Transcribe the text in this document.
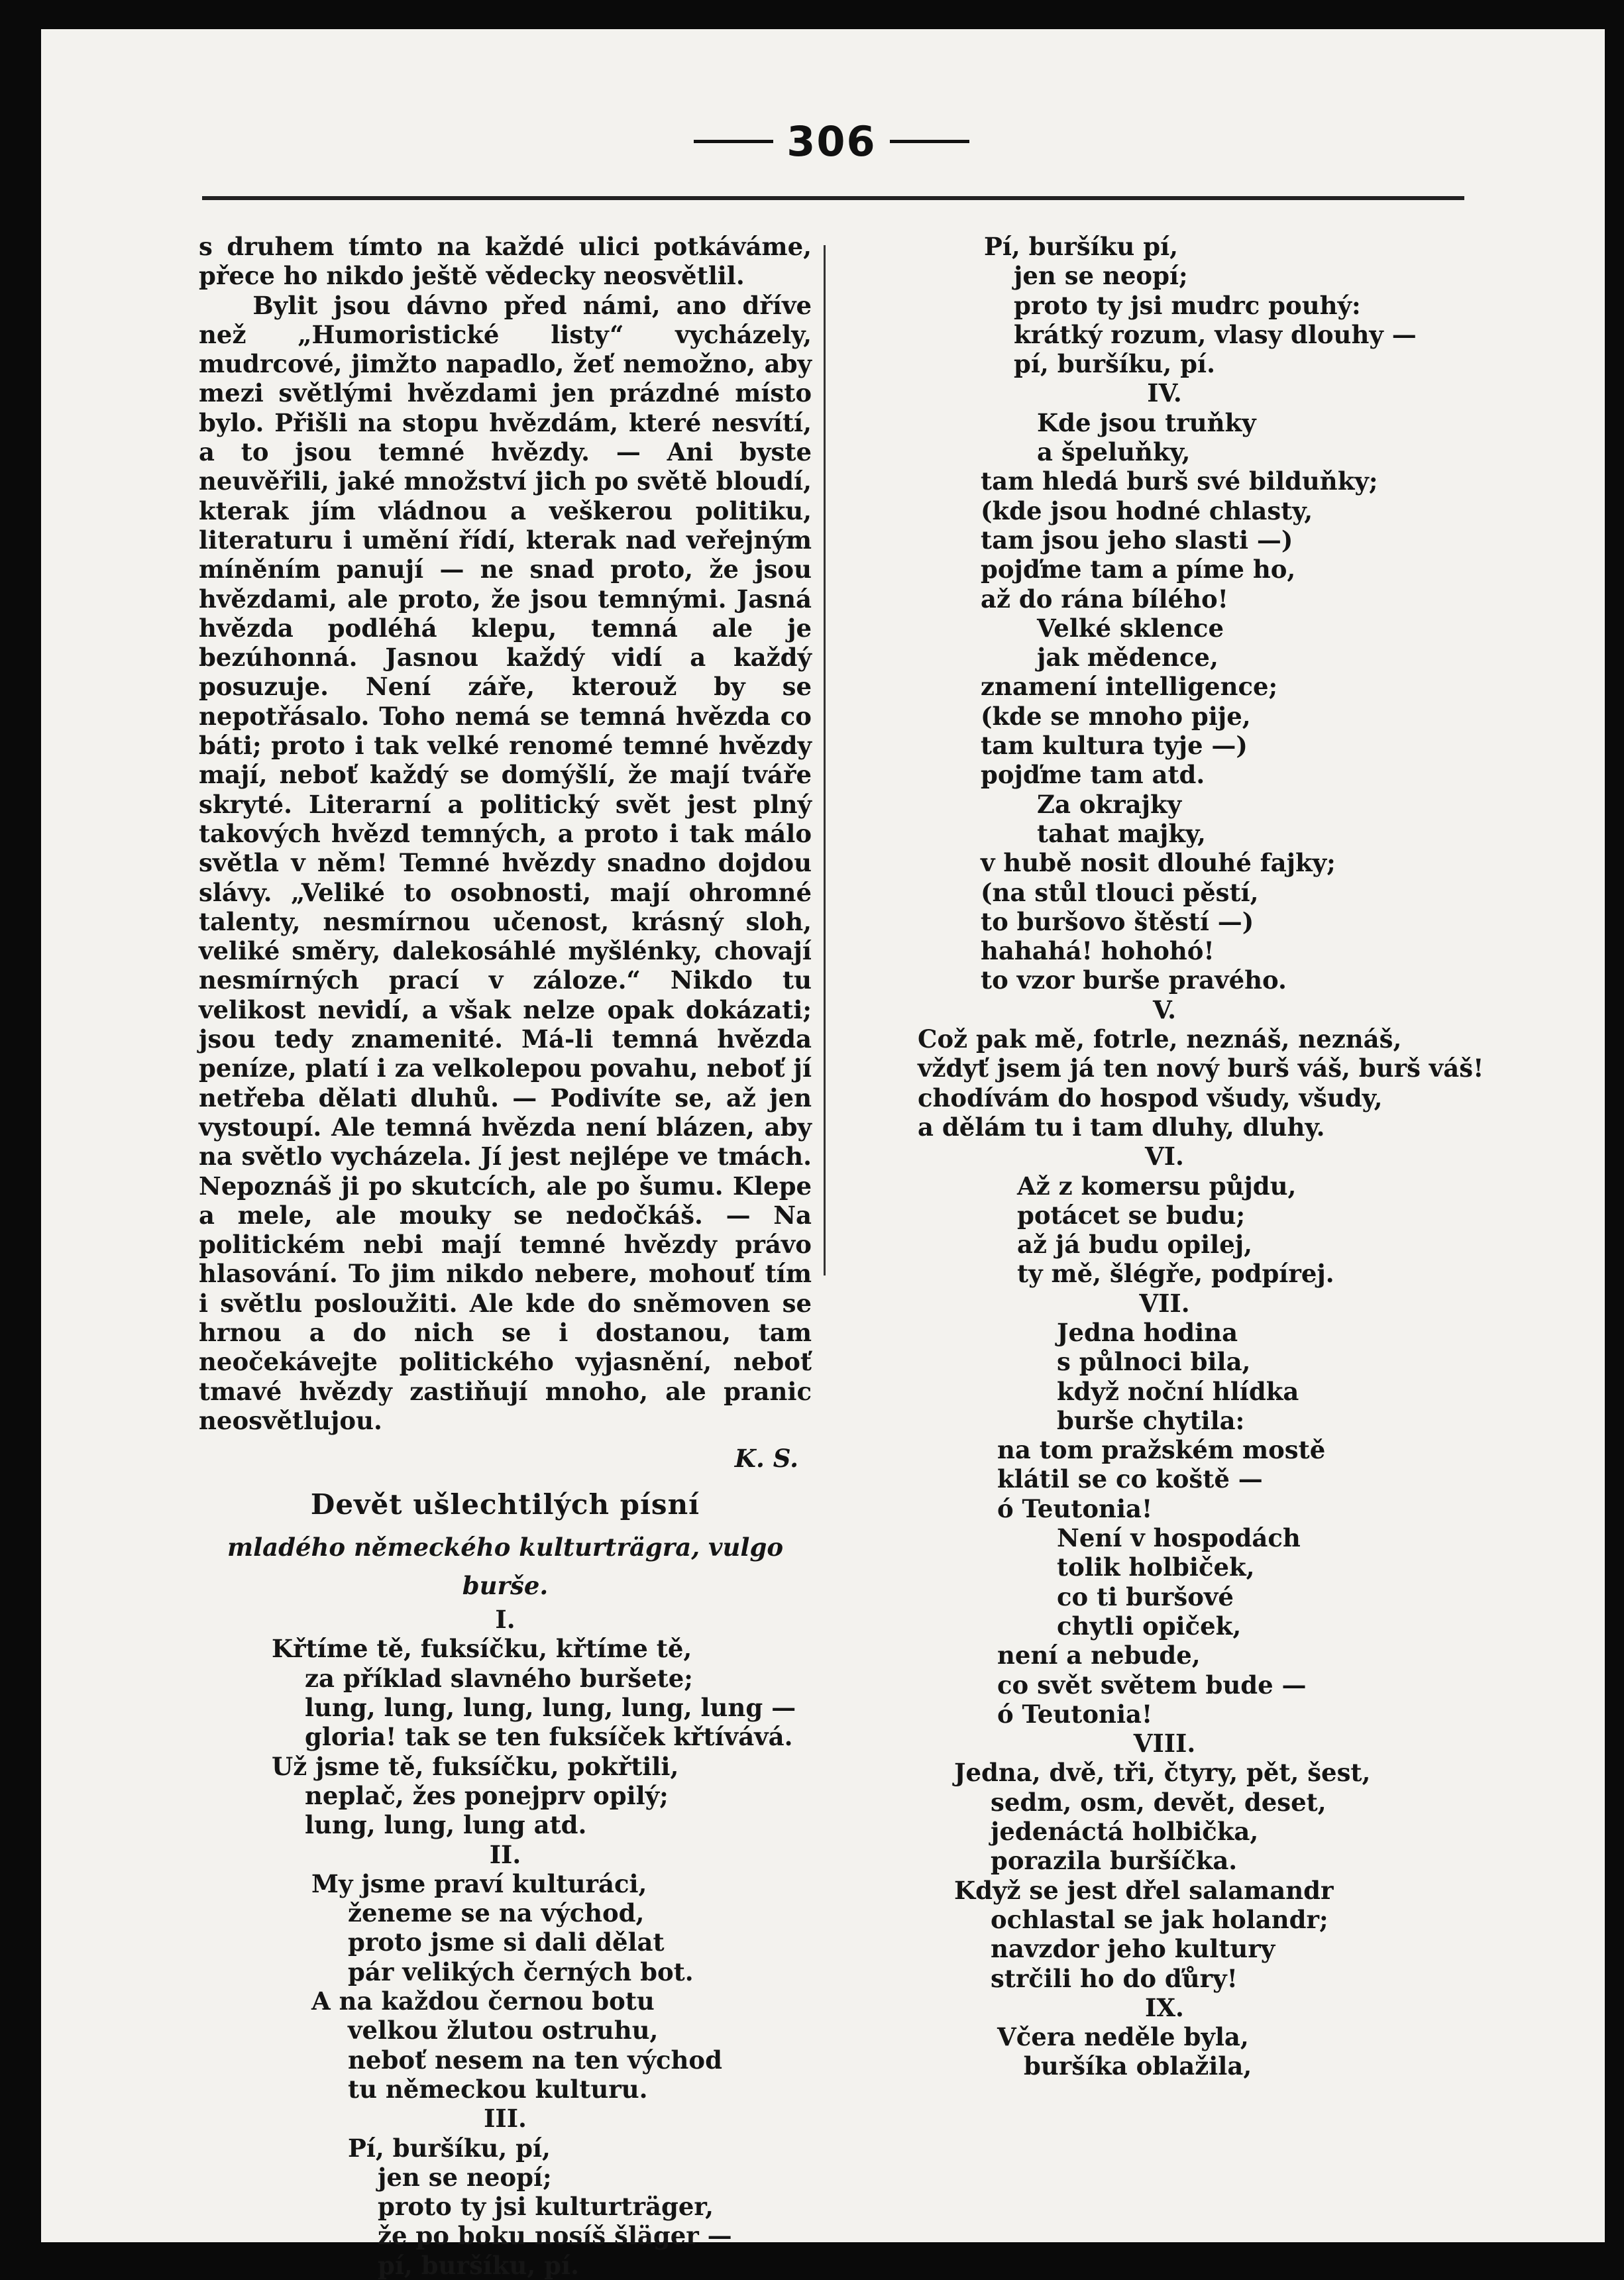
306

s druhem tímto na každé ulici potkáváme, přece ho nikdo ještě vědecky neosvětlil.

Bylit jsou dávno před námi, ano dříve než „Humoristické listy“ vycházely, mudrcové, jimžto napadlo, žeť nemožno, aby mezi světlými hvězdami jen prázdné místo bylo. Přišli na stopu hvězdám, které nesvítí, a to jsou temné hvězdy. — Ani byste neuvěřili, jaké množství jich po světě bloudí, kterak jím vládnou a veškerou politiku, literaturu i umění řídí, kterak nad veřejným míněním panují — ne snad proto, že jsou hvězdami, ale proto, že jsou temnými. Jasná hvězda podléhá klepu, temná ale je bezúhonná. Jasnou každý vidí a každý posuzuje. Není záře, kterouž by se nepotřásalo. Toho nemá se temná hvězda co báti; proto i tak velké renomé temné hvězdy mají, neboť každý se domýšlí, že mají tváře skryté. Literarní a politický svět jest plný takových hvězd temných, a proto i tak málo světla v něm! Temné hvězdy snadno dojdou slávy. „Veliké to osobnosti, mají ohromné talenty, nesmírnou učenost, krásný sloh, veliké směry, dalekosáhlé myšlénky, chovají nesmírných prací v záloze.“ Nikdo tu velikost nevidí, a však nelze opak dokázati; jsou tedy znamenité. Má-li temná hvězda peníze, platí i za velkolepou povahu, neboť jí netřeba dělati dluhů. — Podivíte se, až jen vystoupí. Ale temná hvězda není blázen, aby na světlo vycházela. Jí jest nejlépe ve tmách. Nepoznáš ji po skutcích, ale po šumu. Klepe a mele, ale mouky se nedočkáš. — Na politickém nebi mají temné hvězdy právo hlasování. To jim nikdo nebere, mohouť tím i světlu posloužiti. Ale kde do sněmoven se hrnou a do nich se i dostanou, tam neočekávejte politického vyjasnění, neboť tmavé hvězdy zastiňují mnoho, ale pranic neosvětlujou.

K. S.
Devět ušlechtilých písní
mladého německého kulturträgra, vulgo burše.
I.
Křtíme tě, fuksíčku, křtíme tě,
za příklad slavného buršete;
lung, lung, lung, lung, lung, lung —
gloria! tak se ten fuksíček křtívává.
Už jsme tě, fuksíčku, pokřtili,
neplač, žes ponejprv opilý;
lung, lung, lung atd.
II.
My jsme praví kulturáci,
ženeme se na východ,
proto jsme si dali dělat
pár velikých černých bot.
A na každou černou botu
velkou žlutou ostruhu,
neboť nesem na ten východ
tu německou kulturu.
III.
Pí, buršíku, pí,
jen se neopí;
proto ty jsi kulturträger,
že po boku nosíš šläger —
pí, buršíku, pí.
Pí, buršíku pí,
jen se neopí;
proto ty jsi mudrc pouhý:
krátký rozum, vlasy dlouhy —
pí, buršíku, pí.
IV.
Kde jsou truňky
a špeluňky,
tam hledá burš své bilduňky;
(kde jsou hodné chlasty,
tam jsou jeho slasti —)
pojďme tam a píme ho,
až do rána bílého!
Velké sklence
jak mědence,
znamení intelligence;
(kde se mnoho pije,
tam kultura tyje —)
pojďme tam atd.
Za okrajky
tahat majky,
v hubě nosit dlouhé fajky;
(na stůl tlouci pěstí,
to buršovo štěstí —)
hahahá! hohohó!
to vzor burše pravého.
V.
Což pak mě, fotrle, neznáš, neznáš,
vždyť jsem já ten nový burš váš, burš váš!
chodívám do hospod všudy, všudy,
a dělám tu i tam dluhy, dluhy.
VI.
Až z komersu půjdu,
potácet se budu;
až já budu opilej,
ty mě, šlégře, podpírej.
VII.
Jedna hodina
s půlnoci bila,
když noční hlídka
burše chytila:
na tom pražském mostě
klátil se co koště —
ó Teutonia!
Není v hospodách
tolik holbiček,
co ti buršové
chytli opiček,
není a nebude,
co svět světem bude —
ó Teutonia!
VIII.
Jedna, dvě, tři, čtyry, pět, šest,
sedm, osm, devět, deset,
jedenáctá holbička,
porazila buršíčka.
Když se jest dřel salamandr
ochlastal se jak holandr;
navzdor jeho kultury
strčili ho do ďůry!
IX.
Včera neděle byla,
buršíka oblažila,
